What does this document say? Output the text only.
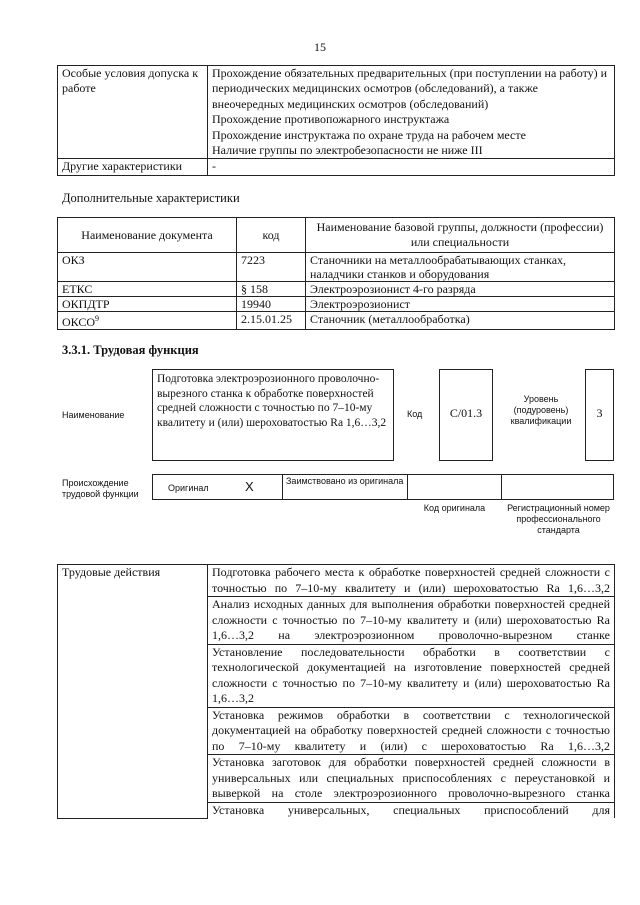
15
Особые условия допуска к работе	Прохождение обязательных предварительных (при поступлении на работу) и периодических медицинских осмотров (обследований), а также внеочередных медицинских осмотров (обследований)
Прохождение противопожарного инструктажа
Прохождение инструктажа по охране труда на рабочем месте
Наличие группы по электробезопасности не ниже III

Другие характеристики	-
Дополнительные характеристики
Наименование документа	код	Наименование базовой группы, должности (профессии) или специальности
ОКЗ	7223	Станочники на металлообрабатывающих станках, наладчики станков и оборудования
ЕТКС	§ 158	Электроэрозионист 4-го разряда
ОКПДТР	19940	Электроэрозионист
ОКСО$^9$	2.15.01.25	Станочник (металлообработка)
3.3.1. Трудовая функция
Наименование
Подготовка электроэрозионного проволочно-вырезного станка к обработке поверхностей средней сложности с точностью по 7–10-му квалитету и (или) шероховатостью Ra 1,6…3,2
Код	C/01.3
Уровень (подуровень) квалификации
3
Происхождение трудовой функции
Оригинал	X	Заимствовано из оригинала
Код оригинала	Регистрационный номер профессионального стандарта
Трудовые действия	Подготовка рабочего места к обработке поверхностей средней сложности с точностью по 7–10-му квалитету и (или) шероховатостью Ra 1,6…3,2
Анализ исходных данных для выполнения обработки поверхностей средней сложности с точностью по 7–10-му квалитету и (или) шероховатостью Ra 1,6…3,2 на электроэрозионном проволочно-вырезном станке
Установление последовательности обработки в соответствии с технологической документацией на изготовление поверхностей средней сложности с точностью по 7–10-му квалитету и (или) шероховатостью Ra 1,6…3,2
Установка режимов обработки в соответствии с технологической документацией на обработку поверхностей средней сложности с точностью по 7–10-му квалитету и (или) с шероховатостью Ra 1,6…3,2
Установка заготовок для обработки поверхностей средней сложности в универсальных или специальных приспособлениях с переустановкой и выверкой на столе электроэрозионного проволочно-вырезного станка
Установка универсальных, специальных приспособлений для
